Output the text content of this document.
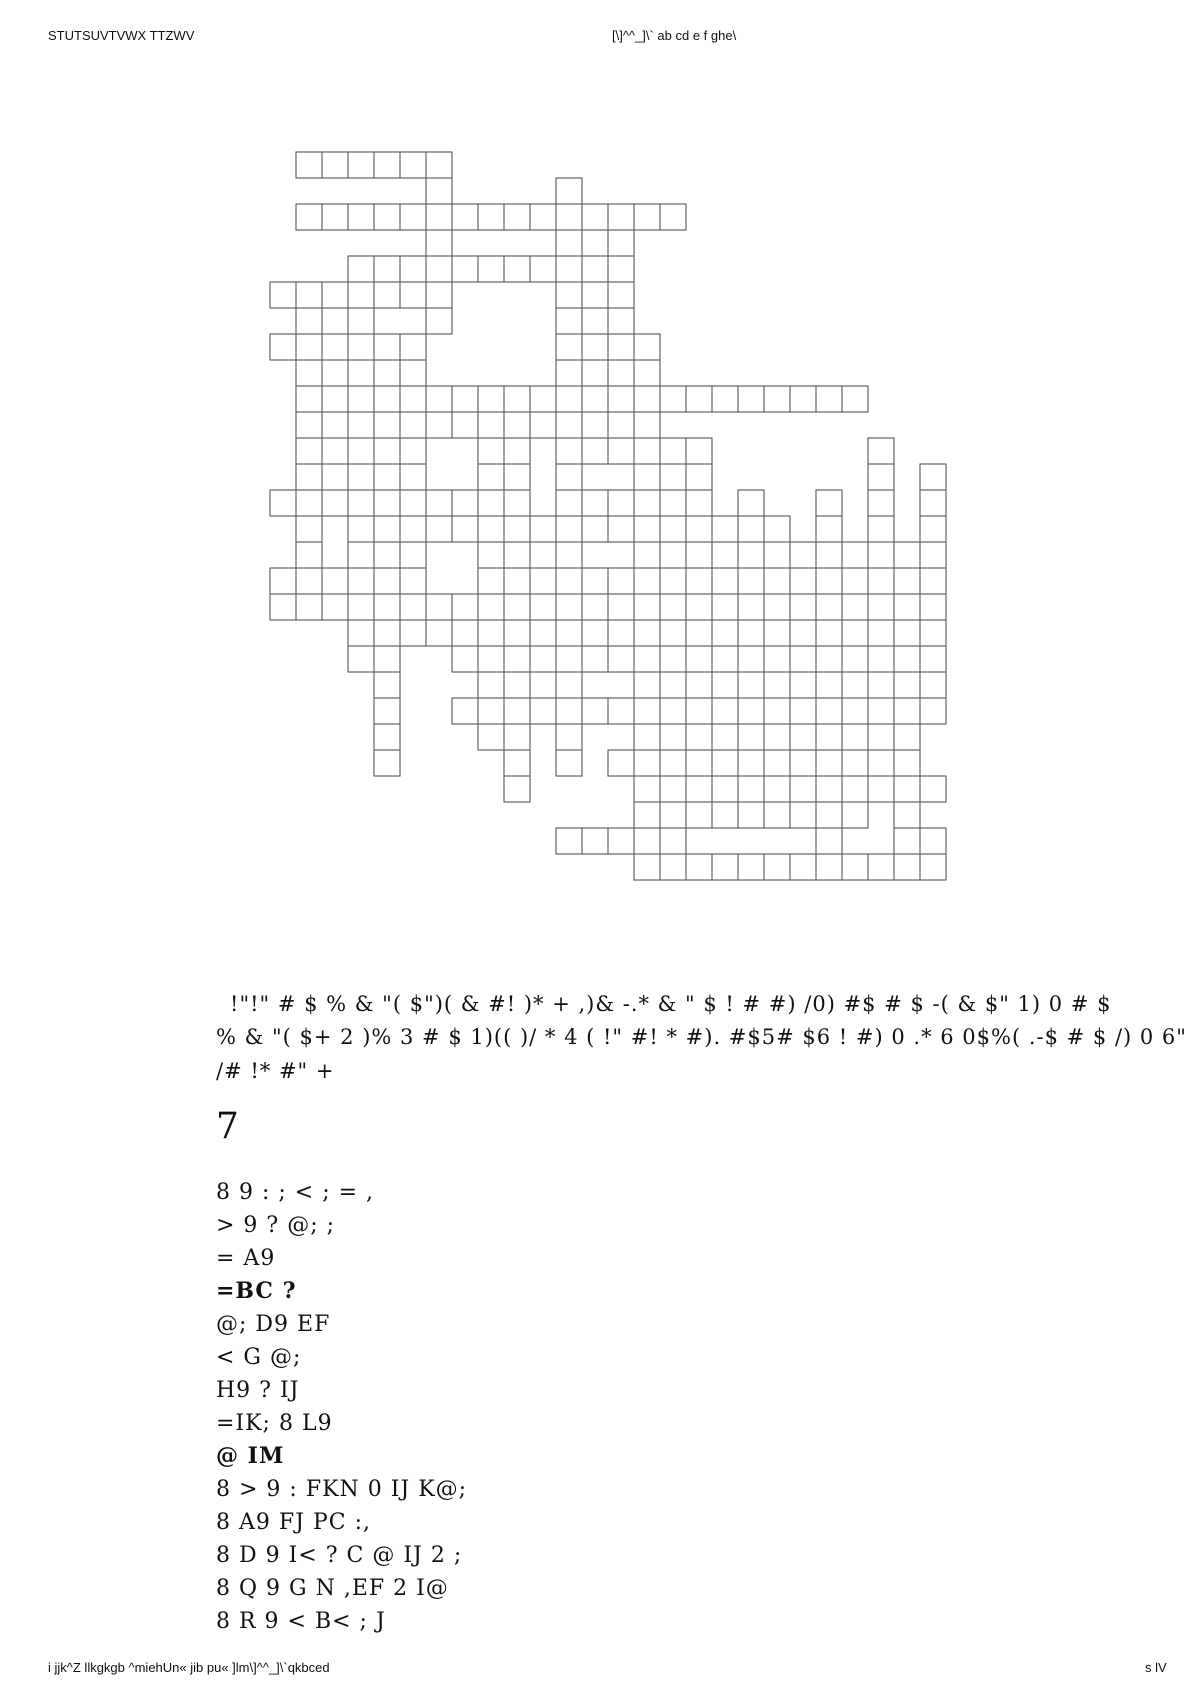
STUTSUVTVWX TTZWV	[\]^^_]\` ab cd e f ghe\
!"!" # $ % & "( $")( & #! )* + ,)& -.* & " $ ! # #) /0) #$ # $ -( & $" 1) 0 # $
% & "( $+ 2 )% 3 # $ 1)(( )/ * 4 ( !" #! * #). #$5# $6 ! #) 0 .* 6 0$%( .-$ # $ /) 0 6"
/# !* #" +
7
8 9 : ; < ; = ,
> 9 ? @; ;
= A9
=BC ?
@; D9 EF
< G @;
H9 ? IJ
=IK; 8 L9
@ IM
8 > 9 : FKN 0 IJ K@;
8 A9 FJ PC :,
8 D 9 I< ? C @ IJ 2 ;
8 Q 9 G N ,EF 2 I@
8 R 9 < B< ; J
i jjk^Z llkgkgb ^miehUn« jib pu« ]lm\]^^_]\`qkbced	s lV
